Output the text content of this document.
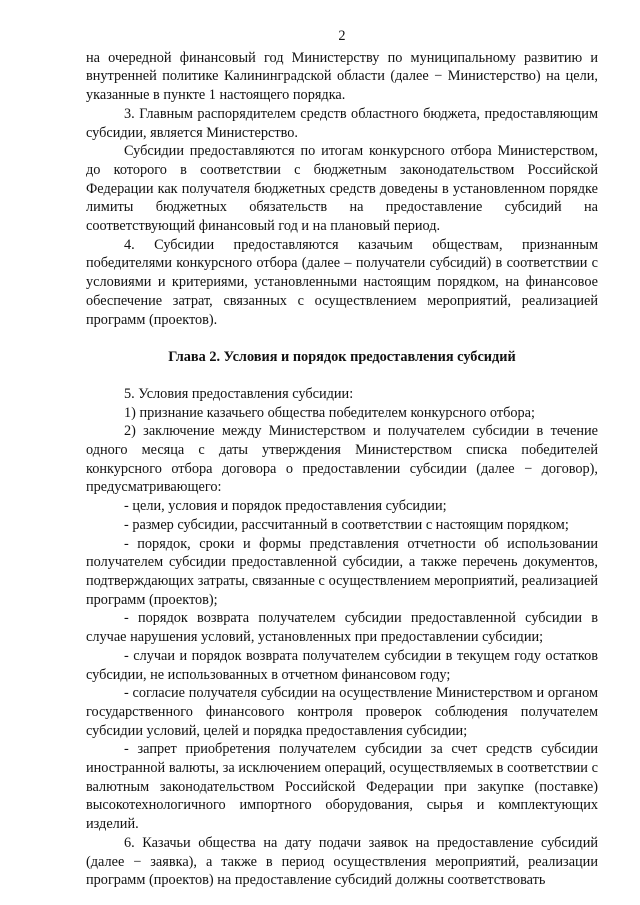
2

на очередной финансовый год Министерству по муниципальному развитию и внутренней политике Калининградской области (далее − Министерство) на цели, указанные в пункте 1 настоящего порядка.

3. Главным распорядителем средств областного бюджета, предоставляющим субсидии, является Министерство.

Субсидии предоставляются по итогам конкурсного отбора Министерством, до которого в соответствии с бюджетным законодательством Российской Федерации как получателя бюджетных средств доведены в установленном порядке лимиты бюджетных обязательств на предоставление субсидий на соответствующий финансовый год и на плановый период.

4. Субсидии предоставляются казачьим обществам, признанным победителями конкурсного отбора (далее – получатели субсидий) в соответствии с условиями и критериями, установленными настоящим порядком, на финансовое обеспечение затрат, связанных с осуществлением мероприятий, реализацией программ (проектов).

Глава 2. Условия и порядок предоставления субсидий

5. Условия предоставления субсидии:

1) признание казачьего общества победителем конкурсного отбора;

2) заключение между Министерством и получателем субсидии в течение одного месяца с даты утверждения Министерством списка победителей конкурсного отбора договора о предоставлении субсидии (далее − договор), предусматривающего:

- цели, условия и порядок предоставления субсидии;

- размер субсидии, рассчитанный в соответствии с настоящим порядком;

- порядок, сроки и формы представления отчетности об использовании получателем субсидии предоставленной субсидии, а также перечень документов, подтверждающих затраты, связанные с осуществлением мероприятий, реализацией программ (проектов);

- порядок возврата получателем субсидии предоставленной субсидии в случае нарушения условий, установленных при предоставлении субсидии;

- случаи и порядок возврата получателем субсидии в текущем году остатков субсидии, не использованных в отчетном финансовом году;

- согласие получателя субсидии на осуществление Министерством и органом государственного финансового контроля проверок соблюдения получателем субсидии условий, целей и порядка предоставления субсидии;

- запрет приобретения получателем субсидии за счет средств субсидии иностранной валюты, за исключением операций, осуществляемых в соответствии с валютным законодательством Российской Федерации при закупке (поставке) высокотехнологичного импортного оборудования, сырья и комплектующих изделий.

6. Казачьи общества на дату подачи заявок на предоставление субсидий (далее − заявка), а также в период осуществления мероприятий, реализации программ (проектов) на предоставление субсидий должны соответствовать
